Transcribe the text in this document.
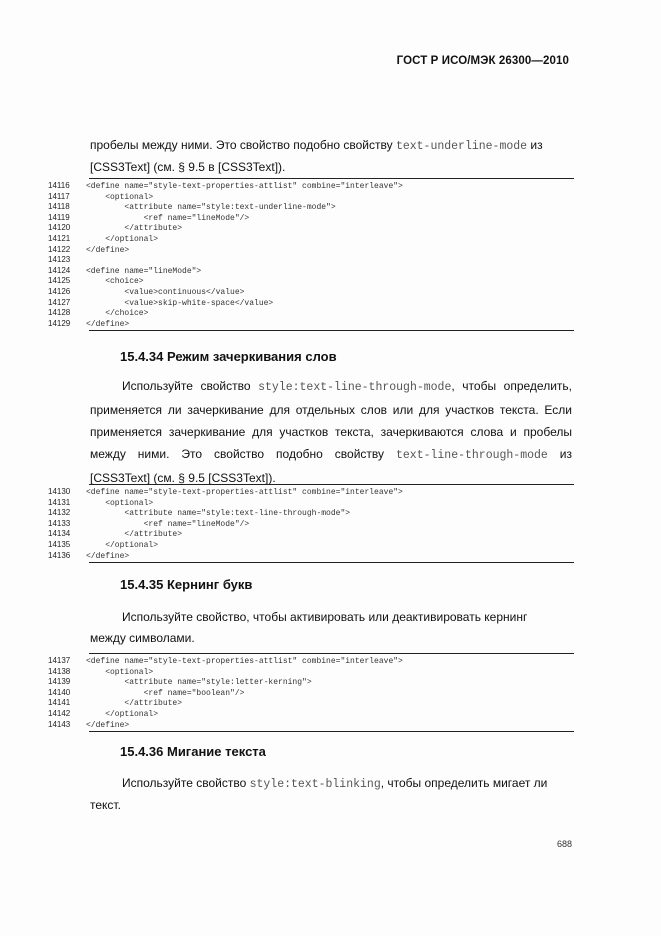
ГОСТ Р ИСО/МЭК 26300—2010

пробелы между ними. Это свойство подобно свойству text-underline-mode из

[CSS3Text] (см. § 9.5 в [CSS3Text]).

14116 <define name="style-text-properties-attlist" combine="interleave">
14117    <optional>
14118        <attribute name="style:text-underline-mode">
14119            <ref name="lineMode"/>
14120        </attribute>
14121    </optional>
14122 </define>
14123
14124 <define name="lineMode">
14125    <choice>
14126        <value>continuous</value>
14127        <value>skip-white-space</value>
14128    </choice>
14129 </define>
15.4.34 Режим зачеркивания слов

Используйте свойство style:text-line-through-mode, чтобы определить, применяется ли зачеркивание для отдельных слов или для участков текста. Если применяется зачеркивание для участков текста, зачеркиваются слова и пробелы между ними. Это свойство подобно свойству text-line-through-mode из [CSS3Text] (см. § 9.5 [CSS3Text]).

14130 <define name="style-text-properties-attlist" combine="interleave">
14131    <optional>
14132        <attribute name="style:text-line-through-mode">
14133            <ref name="lineMode"/>
14134        </attribute>
14135    </optional>
14136 </define>
15.4.35 Кернинг букв

Используйте свойство, чтобы активировать или деактивировать кернинг

между символами.

14137 <define name="style-text-properties-attlist" combine="interleave">
14138    <optional>
14139        <attribute name="style:letter-kerning">
14140            <ref name="boolean"/>
14141        </attribute>
14142    </optional>
14143 </define>
15.4.36 Мигание текста

Используйте свойство style:text-blinking, чтобы определить мигает ли

текст.

688
